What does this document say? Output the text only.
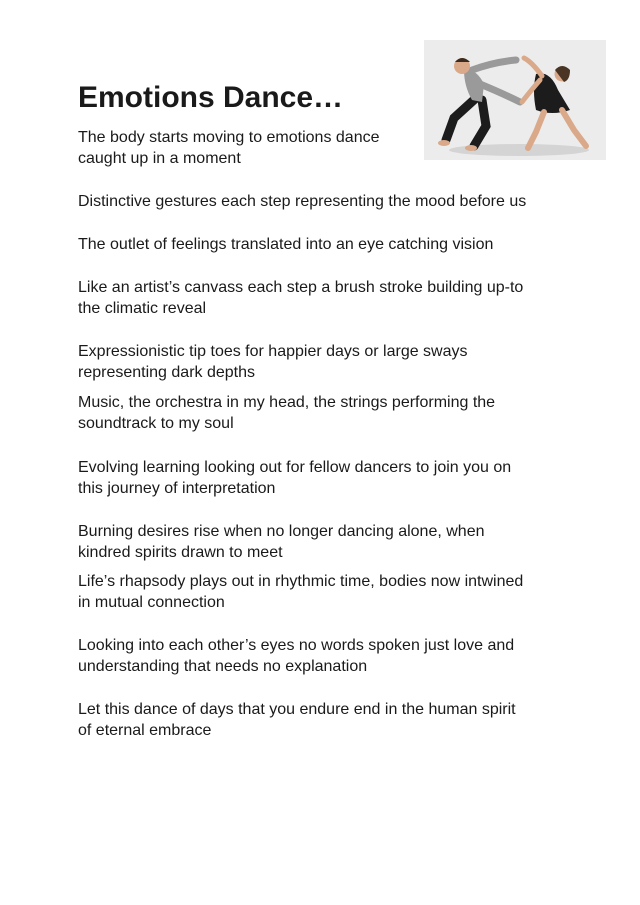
Emotions Dance…

The body starts moving to emotions dance
caught up in a moment

Distinctive gestures each step representing the mood before us

The outlet of feelings translated into an eye catching vision

Like an artist’s canvass each step a brush stroke building up-to
the climatic reveal

Expressionistic tip toes for happier days or large sways
representing dark depths

Music, the orchestra in my head, the strings performing the
soundtrack to my soul

Evolving learning looking out for fellow dancers to join you on
this journey of interpretation

Burning desires rise when no longer dancing alone, when
kindred spirits drawn to meet

Life’s rhapsody plays out in rhythmic time, bodies now intwined
in mutual connection

Looking into each other’s eyes no words spoken just love and
understanding that needs no explanation

Let this dance of days that you endure end in the human spirit
of eternal embrace
